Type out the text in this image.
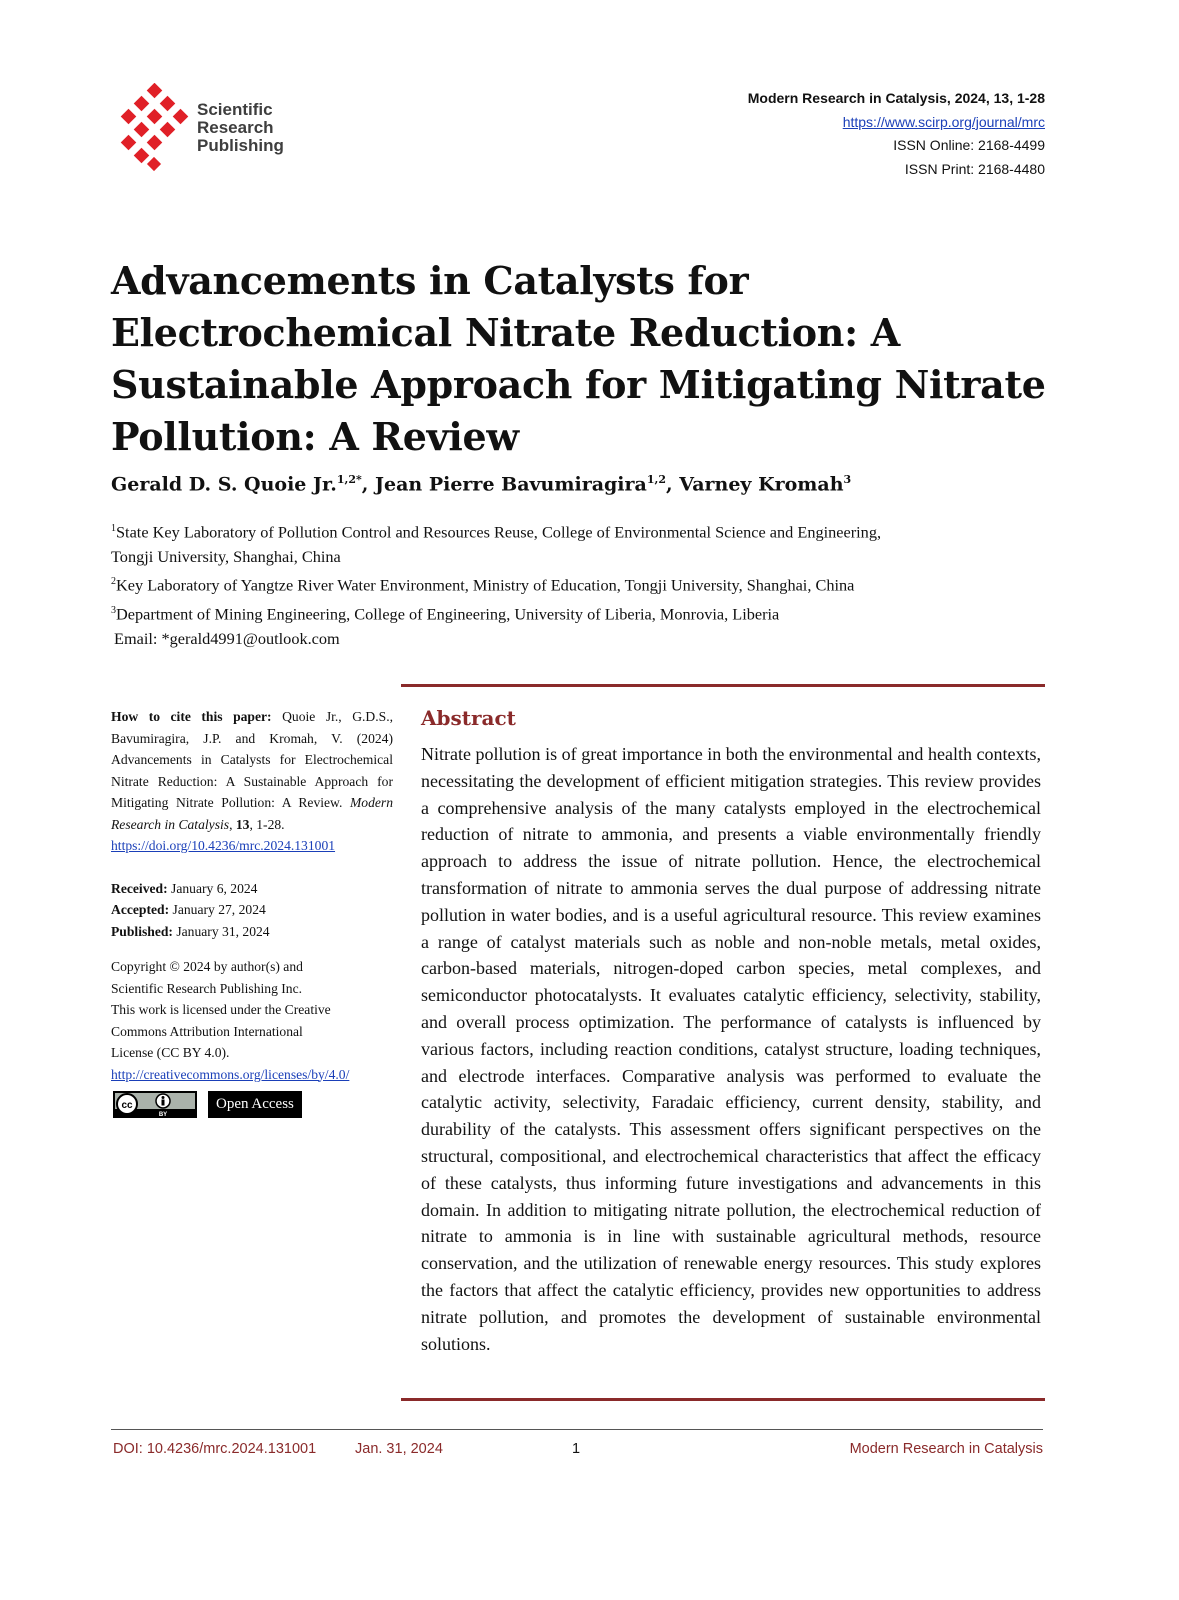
Scientific
Research
Publishing
Modern Research in Catalysis, 2024, 13, 1-28
https://www.scirp.org/journal/mrc
ISSN Online: 2168-4499
ISSN Print: 2168-4480
Advancements in Catalysts for Electrochemical Nitrate Reduction: A Sustainable Approach for Mitigating Nitrate Pollution: A Review
Gerald D. S. Quoie Jr.$^{1,2*}$, Jean Pierre Bavumiragira$^{1,2}$, Varney Kromah$^3$
$^1$State Key Laboratory of Pollution Control and Resources Reuse, College of Environmental Science and Engineering,
Tongji University, Shanghai, China
$^2$Key Laboratory of Yangtze River Water Environment, Ministry of Education, Tongji University, Shanghai, China
$^3$Department of Mining Engineering, College of Engineering, University of Liberia, Monrovia, Liberia
Email: *gerald4991@outlook.com
How to cite this paper: Quoie Jr., G.D.S., Bavumiragira, J.P. and Kromah, V. (2024) Advancements in Catalysts for Electrochemical Nitrate Reduction: A Sustainable Approach for Mitigating Nitrate Pollution: A Review. Modern Research in Catalysis, 13, 1-28.
https://doi.org/10.4236/mrc.2024.131001
Received: January 6, 2024
Accepted: January 27, 2024
Published: January 31, 2024
Copyright © 2024 by author(s) and
Scientific Research Publishing Inc.
This work is licensed under the Creative
Commons Attribution International
License (CC BY 4.0).
http://creativecommons.org/licenses/by/4.0/
cc
BY
Open Access
Abstract
Nitrate pollution is of great importance in both the environmental and health contexts, necessitating the development of efficient mitigation strategies. This review provides a comprehensive analysis of the many catalysts employed in the electrochemical reduction of nitrate to ammonia, and presents a viable environmentally friendly approach to address the issue of nitrate pollution. Hence, the electrochemical transformation of nitrate to ammonia serves the dual purpose of addressing nitrate pollution in water bodies, and is a useful agricultural resource. This review examines a range of catalyst materials such as noble and non-noble metals, metal oxides, carbon-based materials, nitrogen-doped carbon species, metal complexes, and semiconductor photocatalysts. It evaluates catalytic efficiency, selectivity, stability, and overall process optimization. The performance of catalysts is influenced by various factors, including reaction conditions, catalyst structure, loading techniques, and electrode interfaces. Comparative analysis was performed to evaluate the catalytic activity, selectivity, Faradaic efficiency, current density, stability, and durability of the catalysts. This assessment offers significant perspectives on the structural, compositional, and electrochemical characteristics that affect the efficacy of these catalysts, thus informing future investigations and advancements in this domain. In addition to mitigating nitrate pollution, the electrochemical reduction of nitrate to ammonia is in line with sustainable agricultural methods, resource conservation, and the utilization of renewable energy resources. This study explores the factors that affect the catalytic efficiency, provides new opportunities to address nitrate pollution, and promotes the development of sustainable environmental solutions.
DOI: 10.4236/mrc.2024.131001	Jan. 31, 2024	1	Modern Research in Catalysis
